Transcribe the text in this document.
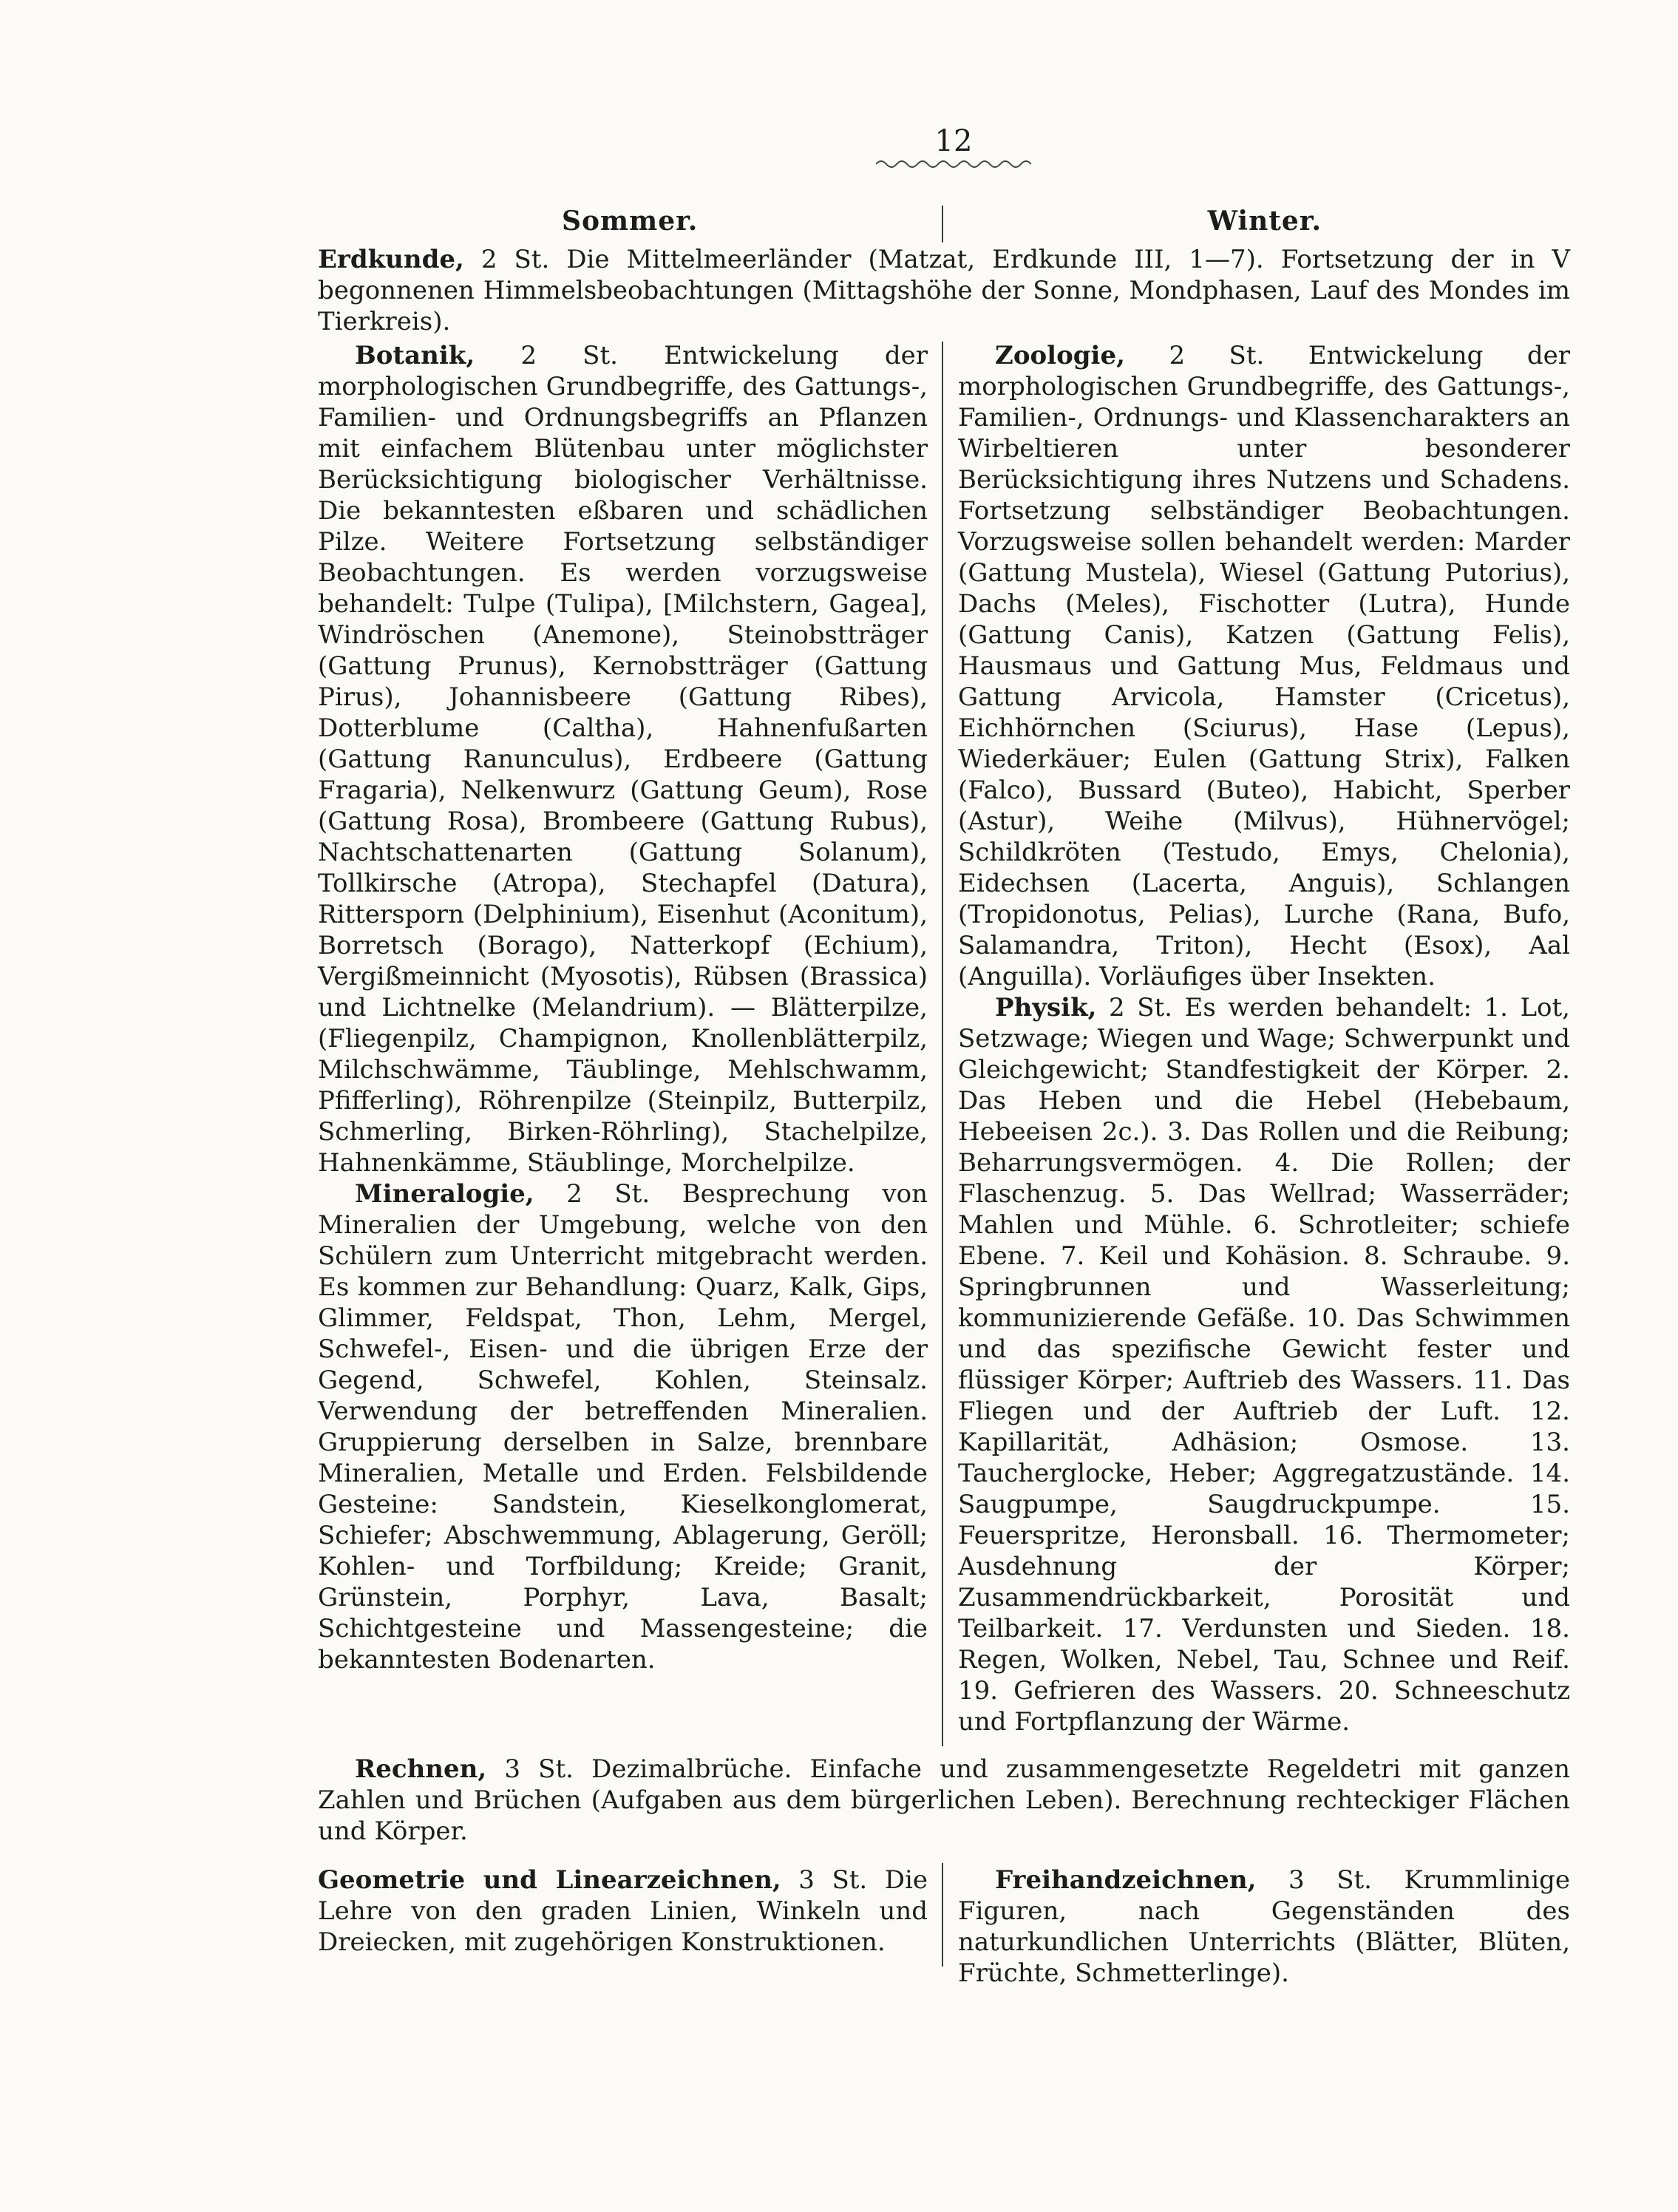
12
Sommer.	Winter.

Erdkunde, 2 St. Die Mittelmeerländer (Matzat, Erdkunde III, 1—7). Fortsetzung der in V begonnenen Himmelsbeobachtungen (Mittagshöhe der Sonne, Mondphasen, Lauf des Mondes im Tierkreis).

Botanik, 2 St. Entwickelung der morphologischen Grundbegriffe, des Gattungs-, Familien- und Ordnungsbegriffs an Pflanzen mit einfachem Blütenbau unter möglichster Berücksichtigung biologischer Verhältnisse. Die bekanntesten eßbaren und schädlichen Pilze. Weitere Fortsetzung selbständiger Beobachtungen. Es werden vorzugsweise behandelt: Tulpe (Tulipa), [Milchstern, Gagea], Windröschen (Anemone), Steinobstträger (Gattung Prunus), Kernobstträger (Gattung Pirus), Johannisbeere (Gattung Ribes), Dotterblume (Caltha), Hahnenfußarten (Gattung Ranunculus), Erdbeere (Gattung Fragaria), Nelkenwurz (Gattung Geum), Rose (Gattung Rosa), Brombeere (Gattung Rubus), Nachtschattenarten (Gattung Solanum), Tollkirsche (Atropa), Stechapfel (Datura), Rittersporn (Delphinium), Eisenhut (Aconitum), Borretsch (Borago), Natterkopf (Echium), Vergißmeinnicht (Myosotis), Rübsen (Brassica) und Lichtnelke (Melandrium). — Blätterpilze, (Fliegenpilz, Champignon, Knollenblätterpilz, Milchschwämme, Täublinge, Mehlschwamm, Pfifferling), Röhrenpilze (Steinpilz, Butterpilz, Schmerling, Birken-Röhrling), Stachelpilze, Hahnenkämme, Stäublinge, Morchelpilze.

Mineralogie, 2 St. Besprechung von Mineralien der Umgebung, welche von den Schülern zum Unterricht mitgebracht werden. Es kommen zur Behandlung: Quarz, Kalk, Gips, Glimmer, Feldspat, Thon, Lehm, Mergel, Schwefel-, Eisen- und die übrigen Erze der Gegend, Schwefel, Kohlen, Steinsalz. Verwendung der betreffenden Mineralien. Gruppierung derselben in Salze, brennbare Mineralien, Metalle und Erden. Felsbildende Gesteine: Sandstein, Kieselkonglomerat, Schiefer; Abschwemmung, Ablagerung, Geröll; Kohlen- und Torfbildung; Kreide; Granit, Grünstein, Porphyr, Lava, Basalt; Schichtgesteine und Massengesteine; die bekanntesten Bodenarten.

Zoologie, 2 St. Entwickelung der morphologischen Grundbegriffe, des Gattungs-, Familien-, Ordnungs- und Klassencharakters an Wirbeltieren unter besonderer Berücksichtigung ihres Nutzens und Schadens. Fortsetzung selbständiger Beobachtungen. Vorzugsweise sollen behandelt werden: Marder (Gattung Mustela), Wiesel (Gattung Putorius), Dachs (Meles), Fischotter (Lutra), Hunde (Gattung Canis), Katzen (Gattung Felis), Hausmaus und Gattung Mus, Feldmaus und Gattung Arvicola, Hamster (Cricetus), Eichhörnchen (Sciurus), Hase (Lepus), Wiederkäuer; Eulen (Gattung Strix), Falken (Falco), Bussard (Buteo), Habicht, Sperber (Astur), Weihe (Milvus), Hühnervögel; Schildkröten (Testudo, Emys, Chelonia), Eidechsen (Lacerta, Anguis), Schlangen (Tropidonotus, Pelias), Lurche (Rana, Bufo, Salamandra, Triton), Hecht (Esox), Aal (Anguilla). Vorläufiges über Insekten.

Physik, 2 St. Es werden behandelt: 1. Lot, Setzwage; Wiegen und Wage; Schwerpunkt und Gleichgewicht; Standfestigkeit der Körper. 2. Das Heben und die Hebel (Hebebaum, Hebeeisen 2c.). 3. Das Rollen und die Reibung; Beharrungsvermögen. 4. Die Rollen; der Flaschenzug. 5. Das Wellrad; Wasserräder; Mahlen und Mühle. 6. Schrotleiter; schiefe Ebene. 7. Keil und Kohäsion. 8. Schraube. 9. Springbrunnen und Wasserleitung; kommunizierende Gefäße. 10. Das Schwimmen und das spezifische Gewicht fester und flüssiger Körper; Auftrieb des Wassers. 11. Das Fliegen und der Auftrieb der Luft. 12. Kapillarität, Adhäsion; Osmose. 13. Taucherglocke, Heber; Aggregatzustände. 14. Saugpumpe, Saugdruckpumpe. 15. Feuerspritze, Heronsball. 16. Thermometer; Ausdehnung der Körper; Zusammendrückbarkeit, Porosität und Teilbarkeit. 17. Verdunsten und Sieden. 18. Regen, Wolken, Nebel, Tau, Schnee und Reif. 19. Gefrieren des Wassers. 20. Schneeschutz und Fortpflanzung der Wärme.

Rechnen, 3 St. Dezimalbrüche. Einfache und zusammengesetzte Regeldetri mit ganzen Zahlen und Brüchen (Aufgaben aus dem bürgerlichen Leben). Berechnung rechteckiger Flächen und Körper.

Geometrie und Linearzeichnen, 3 St. Die Lehre von den graden Linien, Winkeln und Dreiecken, mit zugehörigen Konstruktionen.

Freihandzeichnen, 3 St. Krummlinige Figuren, nach Gegenständen des naturkundlichen Unterrichts (Blätter, Blüten, Früchte, Schmetterlinge).
